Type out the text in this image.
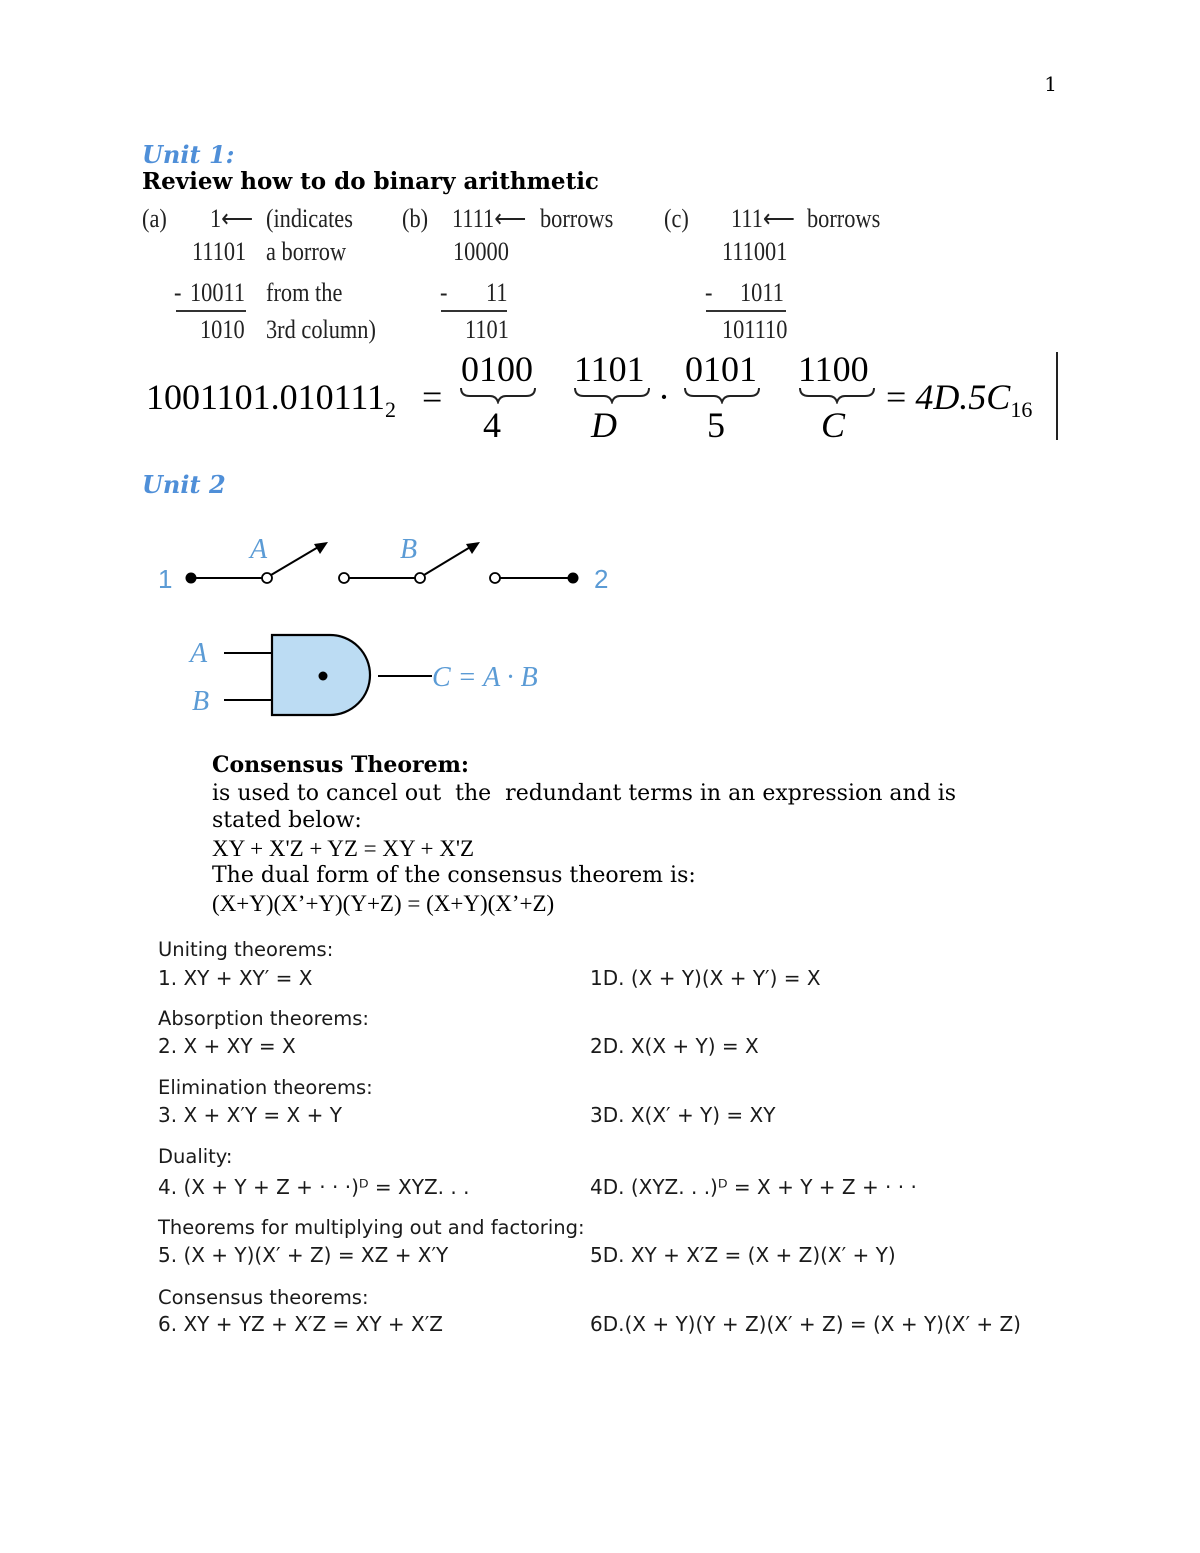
1
Unit 1:
Review how to do binary arithmetic
(a) 1⟵ (indicates
11101 a borrow
- 10011 from the
1010 3rd column)
(b) 1111⟵ borrows
10000
- 11
1101
(c) 111⟵ borrows
111001
- 1011
101110
$1001101.010111_2$ =
0100
4
1101
D
·
0101
5
1100
C
= $4D.5C_{16}$
Unit 2
1
A	B
2
A
B
C = A · B
Consensus Theorem:
is used to cancel out  the  redundant terms in an expression and is
stated below:
XY + X'Z + YZ = XY + X'Z
The dual form of the consensus theorem is:
(X+Y)(X’+Y)(Y+Z) = (X+Y)(X’+Z)
Uniting theorems:
1. XY + XY′ = X	1D. (X + Y)(X + Y′) = X
Absorption theorems:
2. X + XY = X	2D. X(X + Y) = X
Elimination theorems:
3. X + X′Y = X + Y	3D. X(X′ + Y) = XY
Duality:
4. (X + Y + Z + · · ·)ᴰ = XYZ. . .	4D. (XYZ. . .)ᴰ = X + Y + Z + · · ·
Theorems for multiplying out and factoring:
5. (X + Y)(X′ + Z) = XZ + X′Y	5D. XY + X′Z = (X + Z)(X′ + Y)
Consensus theorems:
6. XY + YZ + X′Z = XY + X′Z	6D.(X + Y)(Y + Z)(X′ + Z) = (X + Y)(X′ + Z)
